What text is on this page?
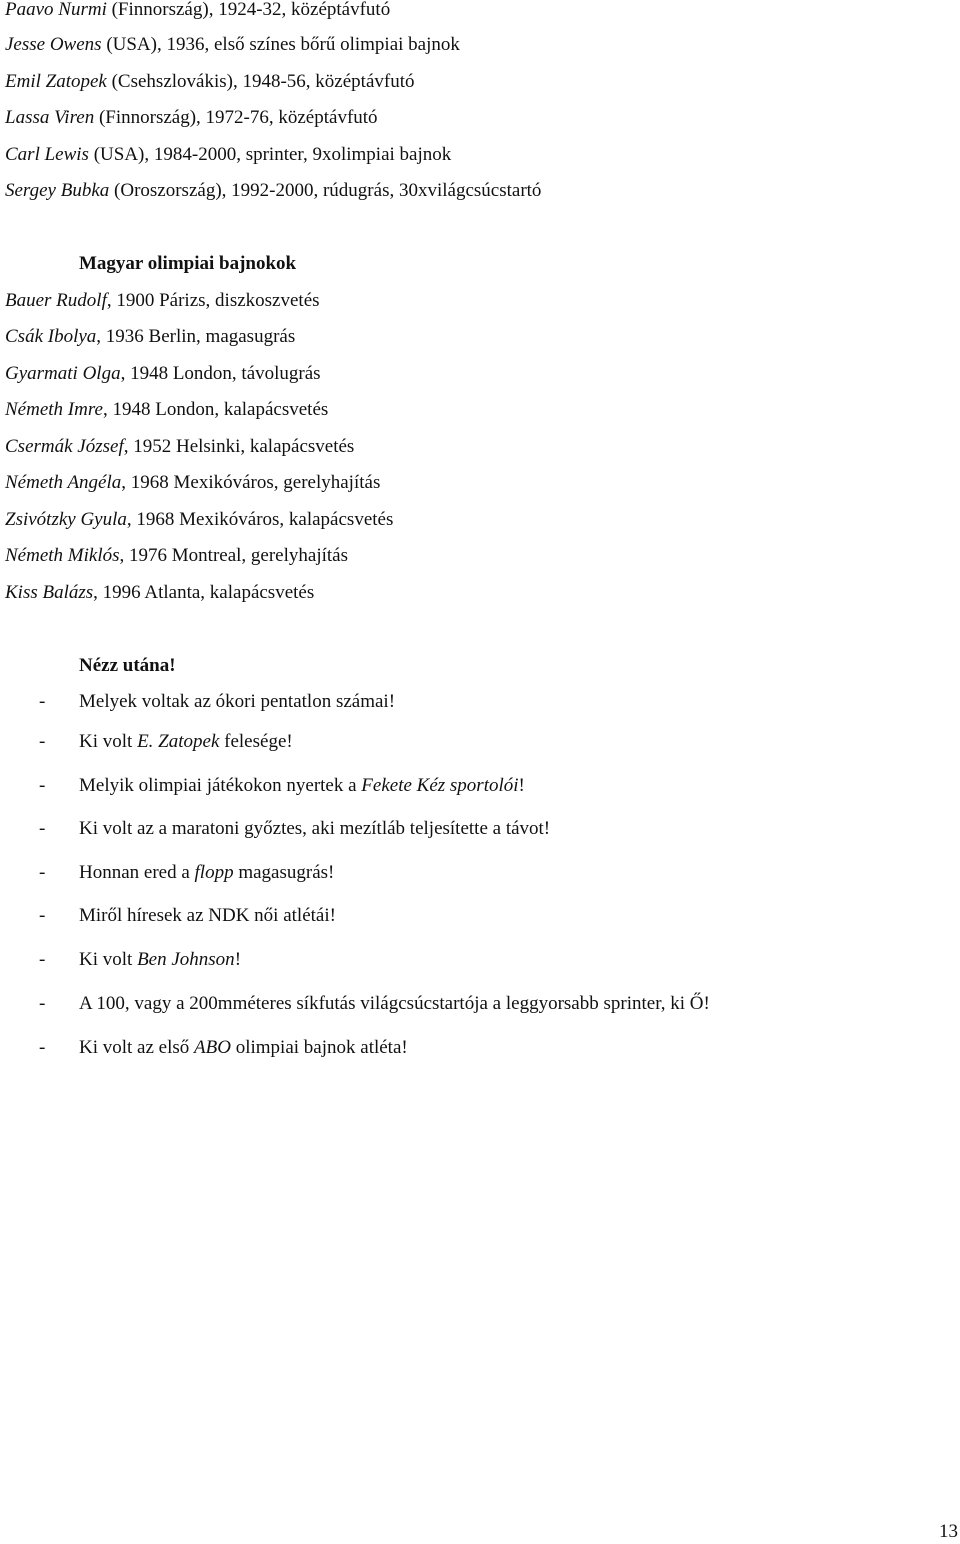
Paavo Nurmi (Finnország), 1924-32, középtávfutó
Jesse Owens (USA), 1936, első színes bőrű olimpiai bajnok
Emil Zatopek (Csehszlovákis), 1948-56, középtávfutó
Lassa Viren (Finnország), 1972-76, középtávfutó
Carl Lewis (USA), 1984-2000, sprinter, 9xolimpiai bajnok
Sergey Bubka (Oroszország), 1992-2000, rúdugrás, 30xvilágcsúcstartó
Magyar olimpiai bajnokok
Bauer Rudolf, 1900 Párizs, diszkoszvetés
Csák Ibolya, 1936 Berlin, magasugrás
Gyarmati Olga, 1948 London, távolugrás
Németh Imre, 1948 London, kalapácsvetés
Csermák József, 1952 Helsinki, kalapácsvetés
Németh Angéla, 1968 Mexikóváros, gerelyhajítás
Zsivótzky Gyula, 1968 Mexikóváros, kalapácsvetés
Németh Miklós, 1976 Montreal, gerelyhajítás
Kiss Balázs, 1996 Atlanta, kalapácsvetés
Nézz utána!
- Melyek voltak az ókori pentatlon számai!
- Ki volt E. Zatopek felesége!
- Melyik olimpiai játékokon nyertek a Fekete Kéz sportolói!
- Ki volt az a maratoni győztes, aki mezítláb teljesítette a távot!
- Honnan ered a flopp magasugrás!
- Miről híresek az NDK női atlétái!
- Ki volt Ben Johnson!
- A 100, vagy a 200mméteres síkfutás világcsúcstartója a leggyorsabb sprinter, ki Ő!
- Ki volt az első ABO olimpiai bajnok atléta!
13
